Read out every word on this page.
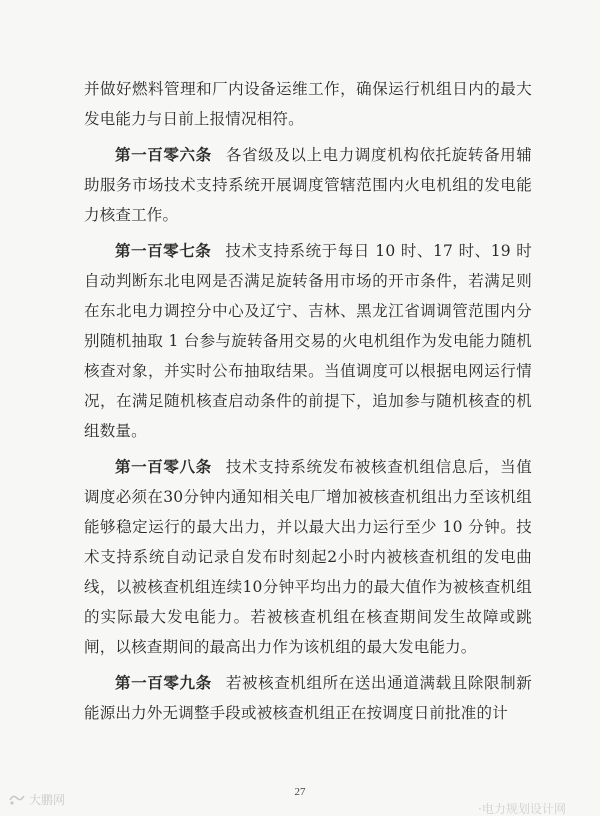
并做好燃料管理和厂内设备运维工作，确保运行机组日内的最大发电能力与日前上报情况相符。

第一百零六条 各省级及以上电力调度机构依托旋转备用辅助服务市场技术支持系统开展调度管辖范围内火电机组的发电能力核查工作。

第一百零七条 技术支持系统于每日 10 时、17 时、19 时自动判断东北电网是否满足旋转备用市场的开市条件，若满足则在东北电力调控分中心及辽宁、吉林、黑龙江省调调管范围内分别随机抽取 1 台参与旋转备用交易的火电机组作为发电能力随机核查对象，并实时公布抽取结果。当值调度可以根据电网运行情况，在满足随机核查启动条件的前提下，追加参与随机核查的机组数量。

第一百零八条 技术支持系统发布被核查机组信息后，当值调度必须在30分钟内通知相关电厂增加被核查机组出力至该机组能够稳定运行的最大出力，并以最大出力运行至少 10 分钟。技术支持系统自动记录自发布时刻起2小时内被核查机组的发电曲线，以被核查机组连续10分钟平均出力的最大值作为被核查机组的实际最大发电能力。若被核查机组在核查期间发生故障或跳闸，以核查期间的最高出力作为该机组的最大发电能力。

第一百零九条 若被核查机组所在送出通道满载且除限制新能源出力外无调整手段或被核查机组正在按调度日前批准的计

27
大鹏网
·电力规划设计网
